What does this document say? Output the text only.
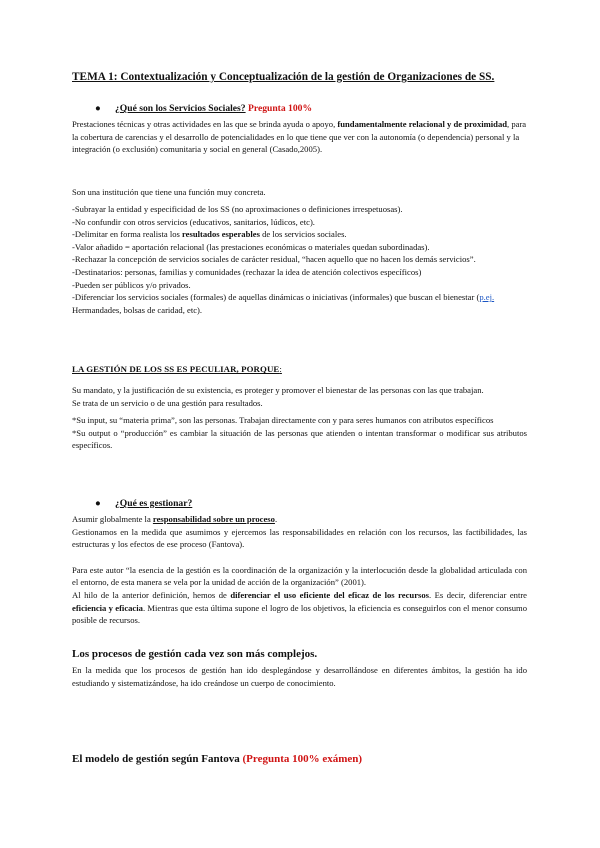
TEMA 1: Contextualización y Conceptualización de la gestión de Organizaciones de SS.

● ¿Qué son los Servicios Sociales? Pregunta 100%

Prestaciones técnicas y otras actividades en las que se brinda ayuda o apoyo, fundamentalmente relacional y de proximidad, para la cobertura de carencias y el desarrollo de potencialidades en lo que tiene que ver con la autonomía (o dependencia) personal y la integración (o exclusión) comunitaria y social en general (Casado,2005).

Son una institución que tiene una función muy concreta.

-Subrayar la entidad y especificidad de los SS (no aproximaciones o definiciones irrespetuosas).
-No confundir con otros servicios (educativos, sanitarios, lúdicos, etc).
-Delimitar en forma realista los resultados esperables de los servicios sociales.
-Valor añadido = aportación relacional (las prestaciones económicas o materiales quedan subordinadas).
-Rechazar la concepción de servicios sociales de carácter residual, “hacen aquello que no hacen los demás servicios”.
-Destinatarios: personas, familias y comunidades (rechazar la idea de atención colectivos específicos)
-Pueden ser públicos y/o privados.
-Diferenciar los servicios sociales (formales) de aquellas dinámicas o iniciativas (informales) que buscan el bienestar (p.ej. Hermandades, bolsas de caridad, etc).

LA GESTIÓN DE LOS SS ES PECULIAR, PORQUE:

Su mandato, y la justificación de su existencia, es proteger y promover el bienestar de las personas con las que trabajan.
Se trata de un servicio o de una gestión para resultados.
*Su input, su “materia prima”, son las personas. Trabajan directamente con y para seres humanos con atributos específicos
*Su output o “producción” es cambiar la situación de las personas que atienden o intentan transformar o modificar sus atributos específicos.

● ¿Qué es gestionar?

Asumir globalmente la responsabilidad sobre un proceso.
Gestionamos en la medida que asumimos y ejercemos las responsabilidades en relación con los recursos, las factibilidades, las estructuras y los efectos de ese proceso (Fantova).
Para este autor “la esencia de la gestión es la coordinación de la organización y la interlocución desde la globalidad articulada con el entorno, de esta manera se vela por la unidad de acción de la organización” (2001).
Al hilo de la anterior definición, hemos de diferenciar el uso eficiente del eficaz de los recursos. Es decir, diferenciar entre eficiencia y eficacia. Mientras que esta última supone el logro de los objetivos, la eficiencia es conseguirlos con el menor consumo posible de recursos.

Los procesos de gestión cada vez son más complejos.

En la medida que los procesos de gestión han ido desplegándose y desarrollándose en diferentes ámbitos, la gestión ha ido estudiando y sistematizándose, ha ido creándose un cuerpo de conocimiento.

El modelo de gestión según Fantova (Pregunta 100% exámen)
